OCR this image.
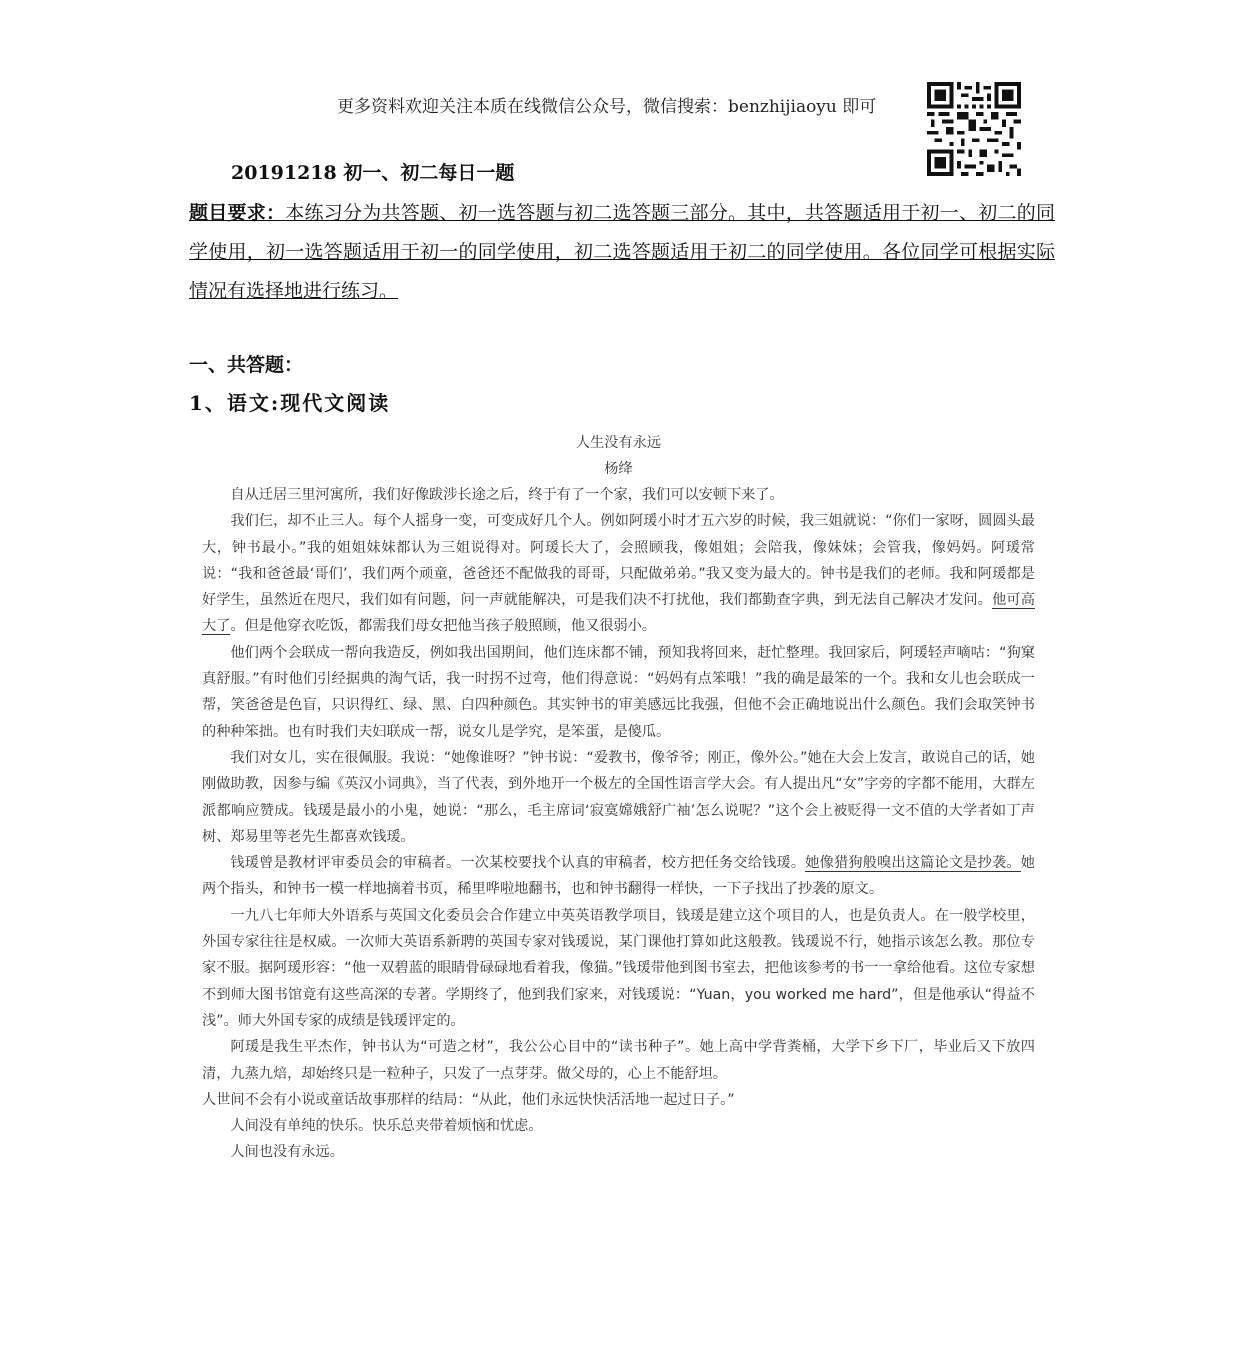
更多资料欢迎关注本质在线微信公众号，微信搜索：benzhijiaoyu 即可
20191218 初一、初二每日一题
题目要求：本练习分为共答题、初一选答题与初二选答题三部分。其中，共答题适用于初一、初二的同学使用，初一选答题适用于初一的同学使用，初二选答题适用于初二的同学使用。各位同学可根据实际情况有选择地进行练习。
一、共答题：
1、语文:现代文阅读
人生没有永远
杨绛

自从迁居三里河寓所，我们好像跋涉长途之后，终于有了一个家，我们可以安顿下来了。

我们仨，却不止三人。每个人摇身一变，可变成好几个人。例如阿瑗小时才五六岁的时候，我三姐就说：“你们一家呀，圆圆头最大，钟书最小。”我的姐姐妹妹都认为三姐说得对。阿瑗长大了，会照顾我，像姐姐；会陪我，像妹妹；会管我，像妈妈。阿瑗常说：“我和爸爸最‘哥们’，我们两个顽童，爸爸还不配做我的哥哥，只配做弟弟。”我又变为最大的。钟书是我们的老师。我和阿瑗都是好学生，虽然近在咫尺，我们如有问题，问一声就能解决，可是我们决不打扰他，我们都勤查字典，到无法自己解决才发问。他可高大了。但是他穿衣吃饭，都需我们母女把他当孩子般照顾，他又很弱小。

他们两个会联成一帮向我造反，例如我出国期间，他们连床都不铺，预知我将回来，赶忙整理。我回家后，阿瑗轻声嘀咕：“狗窠真舒服。”有时他们引经据典的淘气话，我一时拐不过弯，他们得意说：“妈妈有点笨哦！”我的确是最笨的一个。我和女儿也会联成一帮，笑爸爸是色盲，只识得红、绿、黑、白四种颜色。其实钟书的审美感远比我强，但他不会正确地说出什么颜色。我们会取笑钟书的种种笨拙。也有时我们夫妇联成一帮，说女儿是学究，是笨蛋，是傻瓜。

我们对女儿，实在很佩服。我说：“她像谁呀？”钟书说：“爱教书，像爷爷；刚正，像外公。”她在大会上发言，敢说自己的话，她刚做助教，因参与编《英汉小词典》，当了代表，到外地开一个极左的全国性语言学大会。有人提出凡“女”字旁的字都不能用，大群左派都响应赞成。钱瑗是最小的小鬼，她说：“那么，毛主席词‘寂寞嫦娥舒广袖’怎么说呢？”这个会上被贬得一文不值的大学者如丁声树、郑易里等老先生都喜欢钱瑗。

钱瑗曾是教材评审委员会的审稿者。一次某校要找个认真的审稿者，校方把任务交给钱瑗。她像猎狗般嗅出这篇论文是抄袭。她两个指头，和钟书一模一样地摘着书页，稀里哗啦地翻书，也和钟书翻得一样快，一下子找出了抄袭的原文。

一九八七年师大外语系与英国文化委员会合作建立中英英语教学项目，钱瑗是建立这个项目的人，也是负责人。在一般学校里，外国专家往往是权威。一次师大英语系新聘的英国专家对钱瑗说，某门课他打算如此这般教。钱瑗说不行，她指示该怎么教。那位专家不服。据阿瑗形容：“他一双碧蓝的眼睛骨碌碌地看着我，像猫。”钱瑗带他到图书室去，把他该参考的书一一拿给他看。这位专家想不到师大图书馆竟有这些高深的专著。学期终了，他到我们家来，对钱瑗说：“Yuan，you worked me hard”，但是他承认“得益不浅”。师大外国专家的成绩是钱瑗评定的。

阿瑗是我生平杰作，钟书认为“可造之材”，我公公心目中的“读书种子”。她上高中学背粪桶，大学下乡下厂，毕业后又下放四清，九蒸九焙，却始终只是一粒种子，只发了一点芽芽。做父母的，心上不能舒坦。

人世间不会有小说或童话故事那样的结局：“从此，他们永远快快活活地一起过日子。”

人间没有单纯的快乐。快乐总夹带着烦恼和忧虑。

人间也没有永远。
